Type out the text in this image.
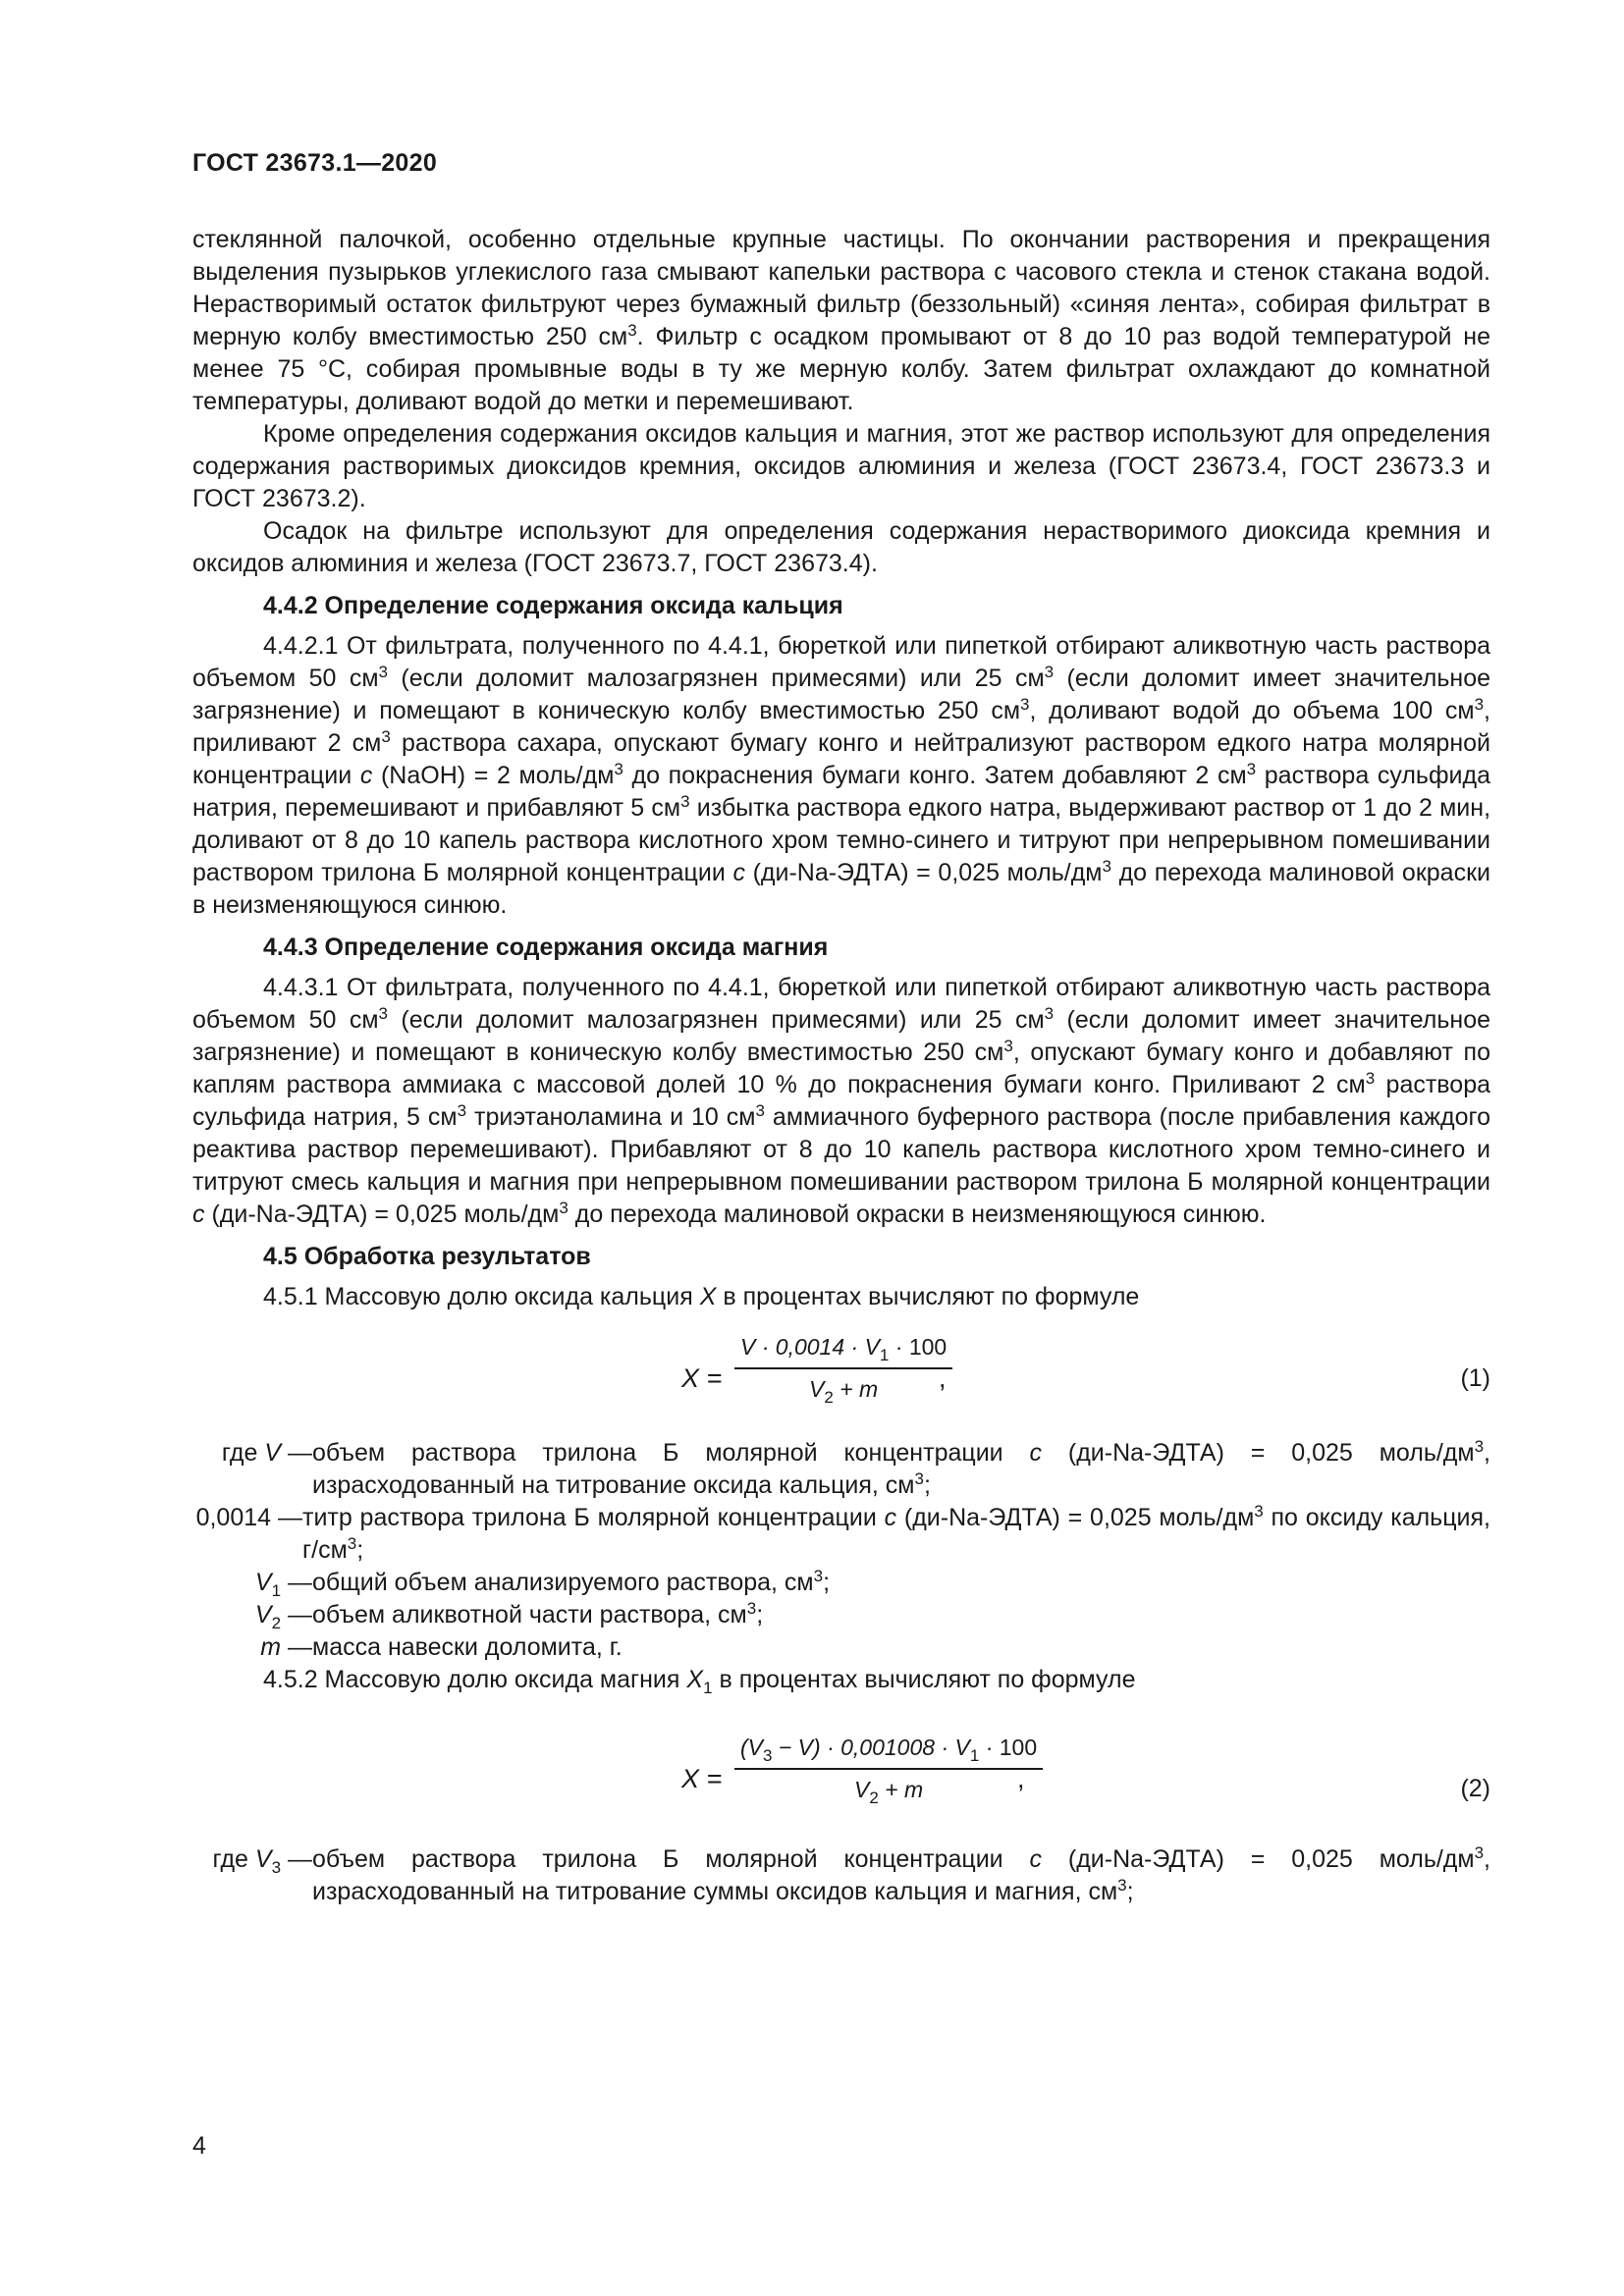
ГОСТ 23673.1—2020

стеклянной палочкой, особенно отдельные крупные частицы. По окончании растворения и прекращения выделения пузырьков углекислого газа смывают капельки раствора с часового стекла и стенок стакана водой. Нерастворимый остаток фильтруют через бумажный фильтр (беззольный) «синяя лента», собирая фильтрат в мерную колбу вместимостью 250 $см^3$. Фильтр с осадком промывают от 8 до 10 раз водой температурой не менее 75 °C, собирая промывные воды в ту же мерную колбу. Затем фильтрат охлаждают до комнатной температуры, доливают водой до метки и перемешивают.

Кроме определения содержания оксидов кальция и магния, этот же раствор используют для определения содержания растворимых диоксидов кремния, оксидов алюминия и железа (ГОСТ 23673.4, ГОСТ 23673.3 и ГОСТ 23673.2).

Осадок на фильтре используют для определения содержания нерастворимого диоксида кремния и оксидов алюминия и железа (ГОСТ 23673.7, ГОСТ 23673.4).

4.4.2 Определение содержания оксида кальция

4.4.2.1 От фильтрата, полученного по 4.4.1, бюреткой или пипеткой отбирают аликвотную часть раствора объемом 50 $см^3$ (если доломит малозагрязнен примесями) или 25 $см^3$ (если доломит имеет значительное загрязнение) и помещают в коническую колбу вместимостью 250 $см^3$, доливают водой до объема 100 $см^3$, приливают 2 $см^3$ раствора сахара, опускают бумагу конго и нейтрализуют раствором едкого натра молярной концентрации с (NaOH) = 2 моль/$дм^3$ до покраснения бумаги конго. Затем добавляют 2 $см^3$ раствора сульфида натрия, перемешивают и прибавляют 5 $см^3$ избытка раствора едкого натра, выдерживают раствор от 1 до 2 мин, доливают от 8 до 10 капель раствора кислотного хром темно-синего и титруют при непрерывном помешивании раствором трилона Б молярной концентрации с (ди-Na-ЭДТА) = 0,025 моль/$дм^3$ до перехода малиновой окраски в неизменяющуюся синюю.

4.4.3 Определение содержания оксида магния

4.4.3.1 От фильтрата, полученного по 4.4.1, бюреткой или пипеткой отбирают аликвотную часть раствора объемом 50 $см^3$ (если доломит малозагрязнен примесями) или 25 $см^3$ (если доломит имеет значительное загрязнение) и помещают в коническую колбу вместимостью 250 $см^3$, опускают бумагу конго и добавляют по каплям раствора аммиака с массовой долей 10 % до покраснения бумаги конго. Приливают 2 $см^3$ раствора сульфида натрия, 5 $см^3$ триэтаноламина и 10 $см^3$ аммиачного буферного раствора (после прибавления каждого реактива раствор перемешивают). Прибавляют от 8 до 10 капель раствора кислотного хром темно-синего и титруют смесь кальция и магния при непрерывном помешивании раствором трилона Б молярной концентрации с (ди-Na-ЭДТА) = 0,025 моль/$дм^3$ до перехода малиновой окраски в неизменяющуюся синюю.

4.5 Обработка результатов

4.5.1 Массовую долю оксида кальция X в процентах вычисляют по формуле

X =
$V \cdot 0,0014 \cdot V_1 \cdot 100$
$V_2 + m$	,	(1)
где V — объем раствора трилона Б молярной концентрации с (ди-Na-ЭДТА) = 0,025 моль/$дм^3$, израсходованный на титрование оксида кальция, $см^3$;
0,0014 — титр раствора трилона Б молярной концентрации с (ди-Na-ЭДТА) = 0,025 моль/$дм^3$ по оксиду кальция, $г/см^3$;
$V_1$ — общий объем анализируемого раствора, $см^3$;
$V_2$ — объем аликвотной части раствора, $см^3$;
m — масса навески доломита, г.

4.5.2 Массовую долю оксида магния $X_1$ в процентах вычисляют по формуле

X =
$(V_3 - V) \cdot 0,001008 \cdot V_1 \cdot 100$
$V_2 + m$	,	(2)
где $V_3$ — объем раствора трилона Б молярной концентрации с (ди-Na-ЭДТА) = 0,025 моль/$дм^3$, израсходованный на титрование суммы оксидов кальция и магния, $см^3$;
4
